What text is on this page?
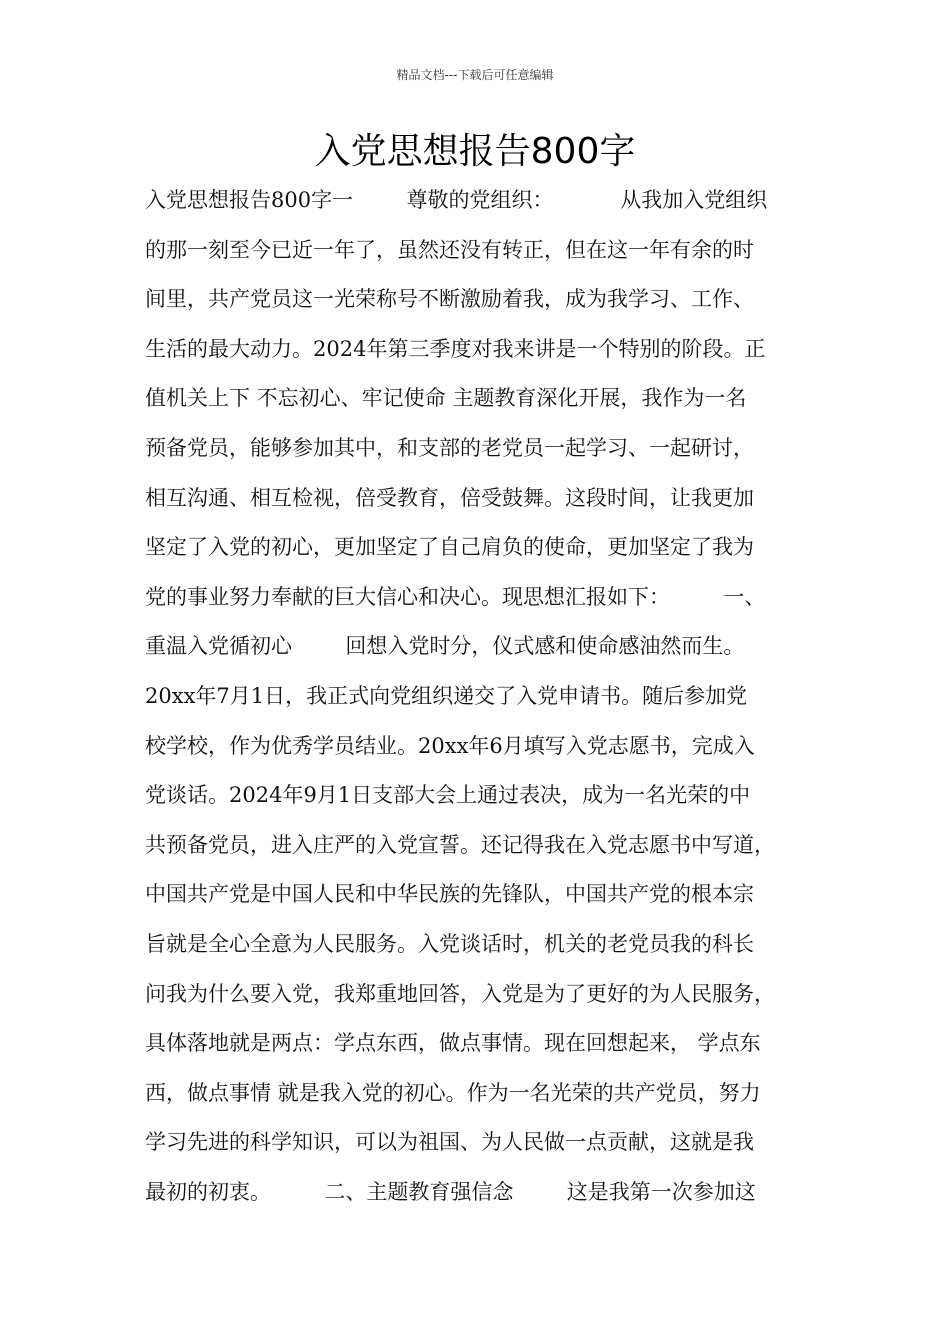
精品文档---下载后可任意编辑
入党思想报告800字
入党思想报告800字一        尊敬的党组织：          从我加入党组织
的那一刻至今已近一年了，虽然还没有转正，但在这一年有余的时
间里，共产党员这一光荣称号不断激励着我，成为我学习、工作、
生活的最大动力。2024年第三季度对我来讲是一个特别的阶段。正
值机关上下 不忘初心、牢记使命 主题教育深化开展，我作为一名
预备党员，能够参加其中，和支部的老党员一起学习、一起研讨，
相互沟通、相互检视，倍受教育，倍受鼓舞。这段时间，让我更加
坚定了入党的初心，更加坚定了自己肩负的使命，更加坚定了我为
党的事业努力奉献的巨大信心和决心。现思想汇报如下：        一、
重温入党循初心        回想入党时分，仪式感和使命感油然而生。
20xx年7月1日，我正式向党组织递交了入党申请书。随后参加党
校学校，作为优秀学员结业。20xx年6月填写入党志愿书，完成入
党谈话。2024年9月1日支部大会上通过表决，成为一名光荣的中
共预备党员，进入庄严的入党宣誓。还记得我在入党志愿书中写道，
中国共产党是中国人民和中华民族的先锋队，中国共产党的根本宗
旨就是全心全意为人民服务。入党谈话时，机关的老党员我的科长
问我为什么要入党，我郑重地回答，入党是为了更好的为人民服务，
具体落地就是两点：学点东西，做点事情。现在回想起来， 学点东
西，做点事情 就是我入党的初心。作为一名光荣的共产党员，努力
学习先进的科学知识，可以为祖国、为人民做一点贡献，这就是我
最初的初衷。        二、主题教育强信念        这是我第一次参加这
